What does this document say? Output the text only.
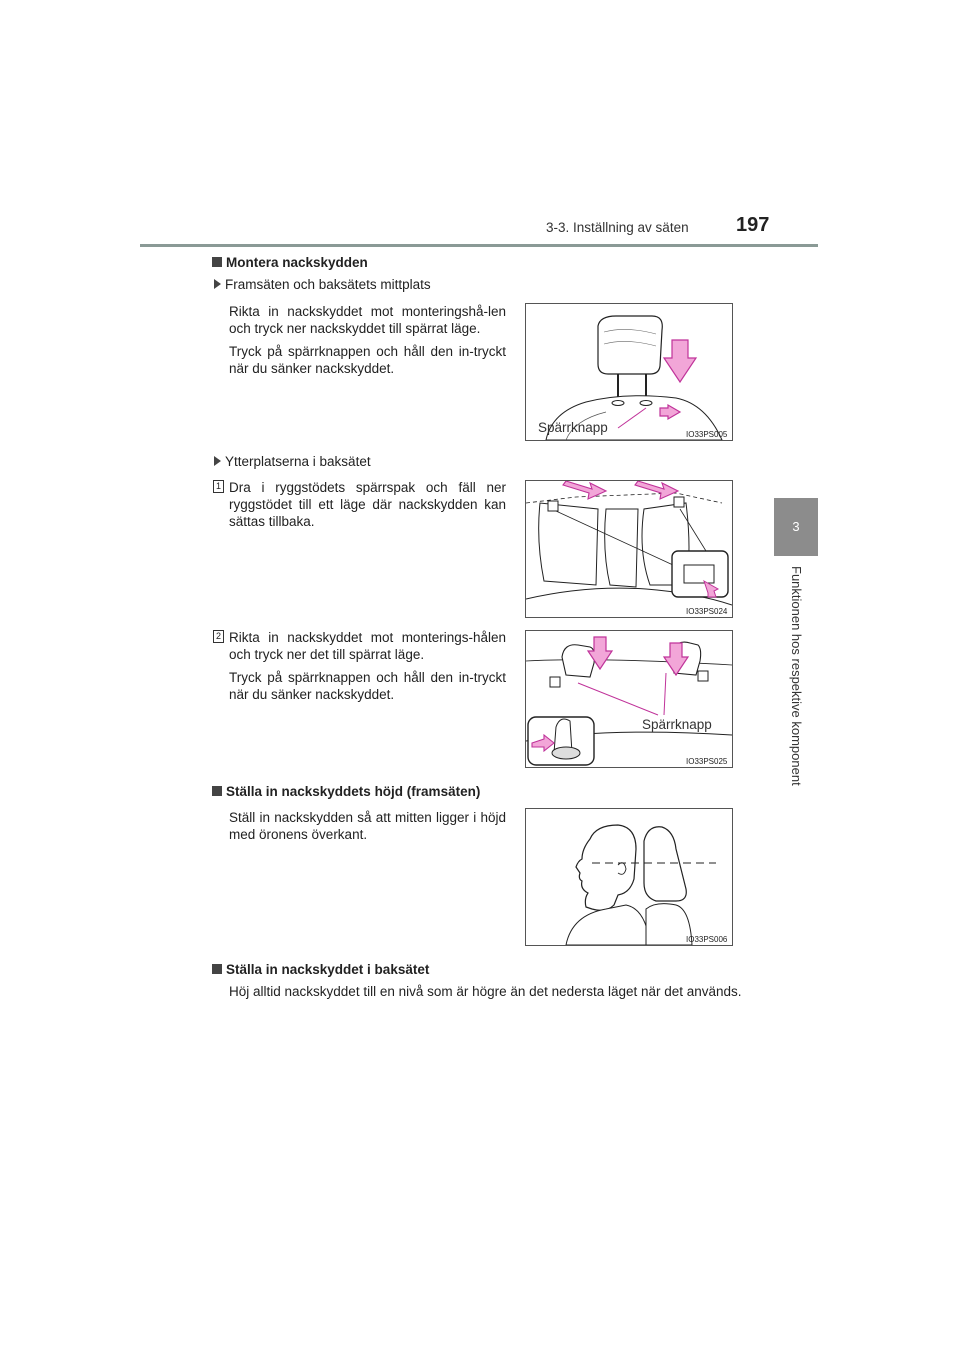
3-3. Inställning av säten 197
3
Funktionen hos respektive komponent
Montera nackskydden
Framsäten och baksätets mittplats
Rikta in nackskyddet mot monteringshå-len och tryck ner nackskyddet till spärrat läge.
Tryck på spärrknappen och håll den in-tryckt när du sänker nackskyddet.
Spärrknapp	IO33PS005
Ytterplatserna i baksätet
1 Dra i ryggstödets spärrspak och fäll ner ryggstödet till ett läge där nackskydden kan sättas tillbaka.
IO33PS024
2 Rikta in nackskyddet mot monterings-hålen och tryck ner det till spärrat läge.
Tryck på spärrknappen och håll den in-tryckt när du sänker nackskyddet.
Spärrknapp
IO33PS025
Ställa in nackskyddets höjd (framsäten)
Ställ in nackskydden så att mitten ligger i höjd med öronens överkant.
IO33PS006
Ställa in nackskyddet i baksätet
Höj alltid nackskyddet till en nivå som är högre än det nedersta läget när det används.
